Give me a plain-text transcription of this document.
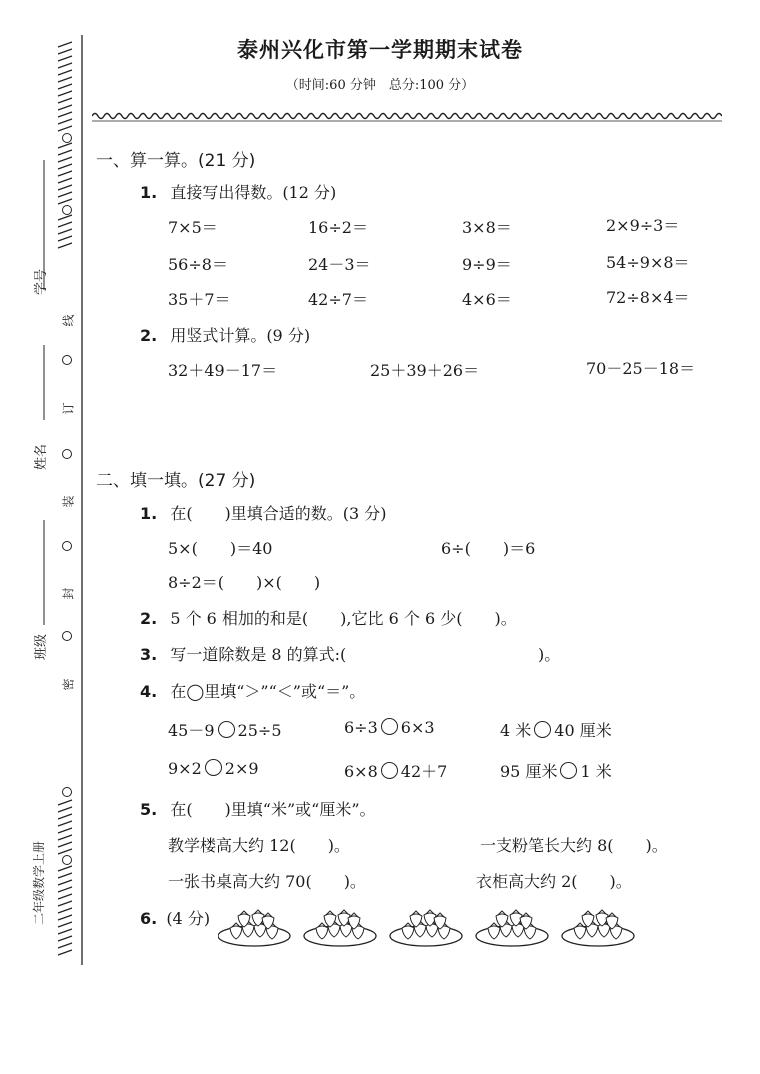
学号
姓名
班级
二年级数学上册
线
订
装
封
密
泰州兴化市第一学期期末试卷
（时间:60 分钟　总分:100 分）
一、算一算。(21 分)
1. 直接写出得数。(12 分)
7×5＝	16÷2＝	3×8＝	2×9÷3＝
56÷8＝	24－3＝	9÷9＝	54÷9×8＝
35＋7＝	42÷7＝	4×6＝	72÷8×4＝
2. 用竖式计算。(9 分)
32＋49－17＝	25＋39＋26＝	70－25－18＝
二、填一填。(27 分)
1. 在(　　)里填合适的数。(3 分)
5×(　　)＝40	6÷(　　)＝6
8÷2＝(　　)×(　　)
2. 5 个 6 相加的和是(　　),它比 6 个 6 少(　　)。
3. 写一道除数是 8 的算式:(	)。
4. 在◯里填“＞”“＜”或“＝”。
45－9 25÷5	6÷3 6×3	4 米 40 厘米
9×2 2×9	6×8 42＋7	95 厘米 1 米
5. 在(　　)里填“米”或“厘米”。
教学楼高大约 12(　　)。	一支粉笔长大约 8(　　)。
一张书桌高大约 70(　　)。	衣柜高大约 2(　　)。
6. (4 分)
